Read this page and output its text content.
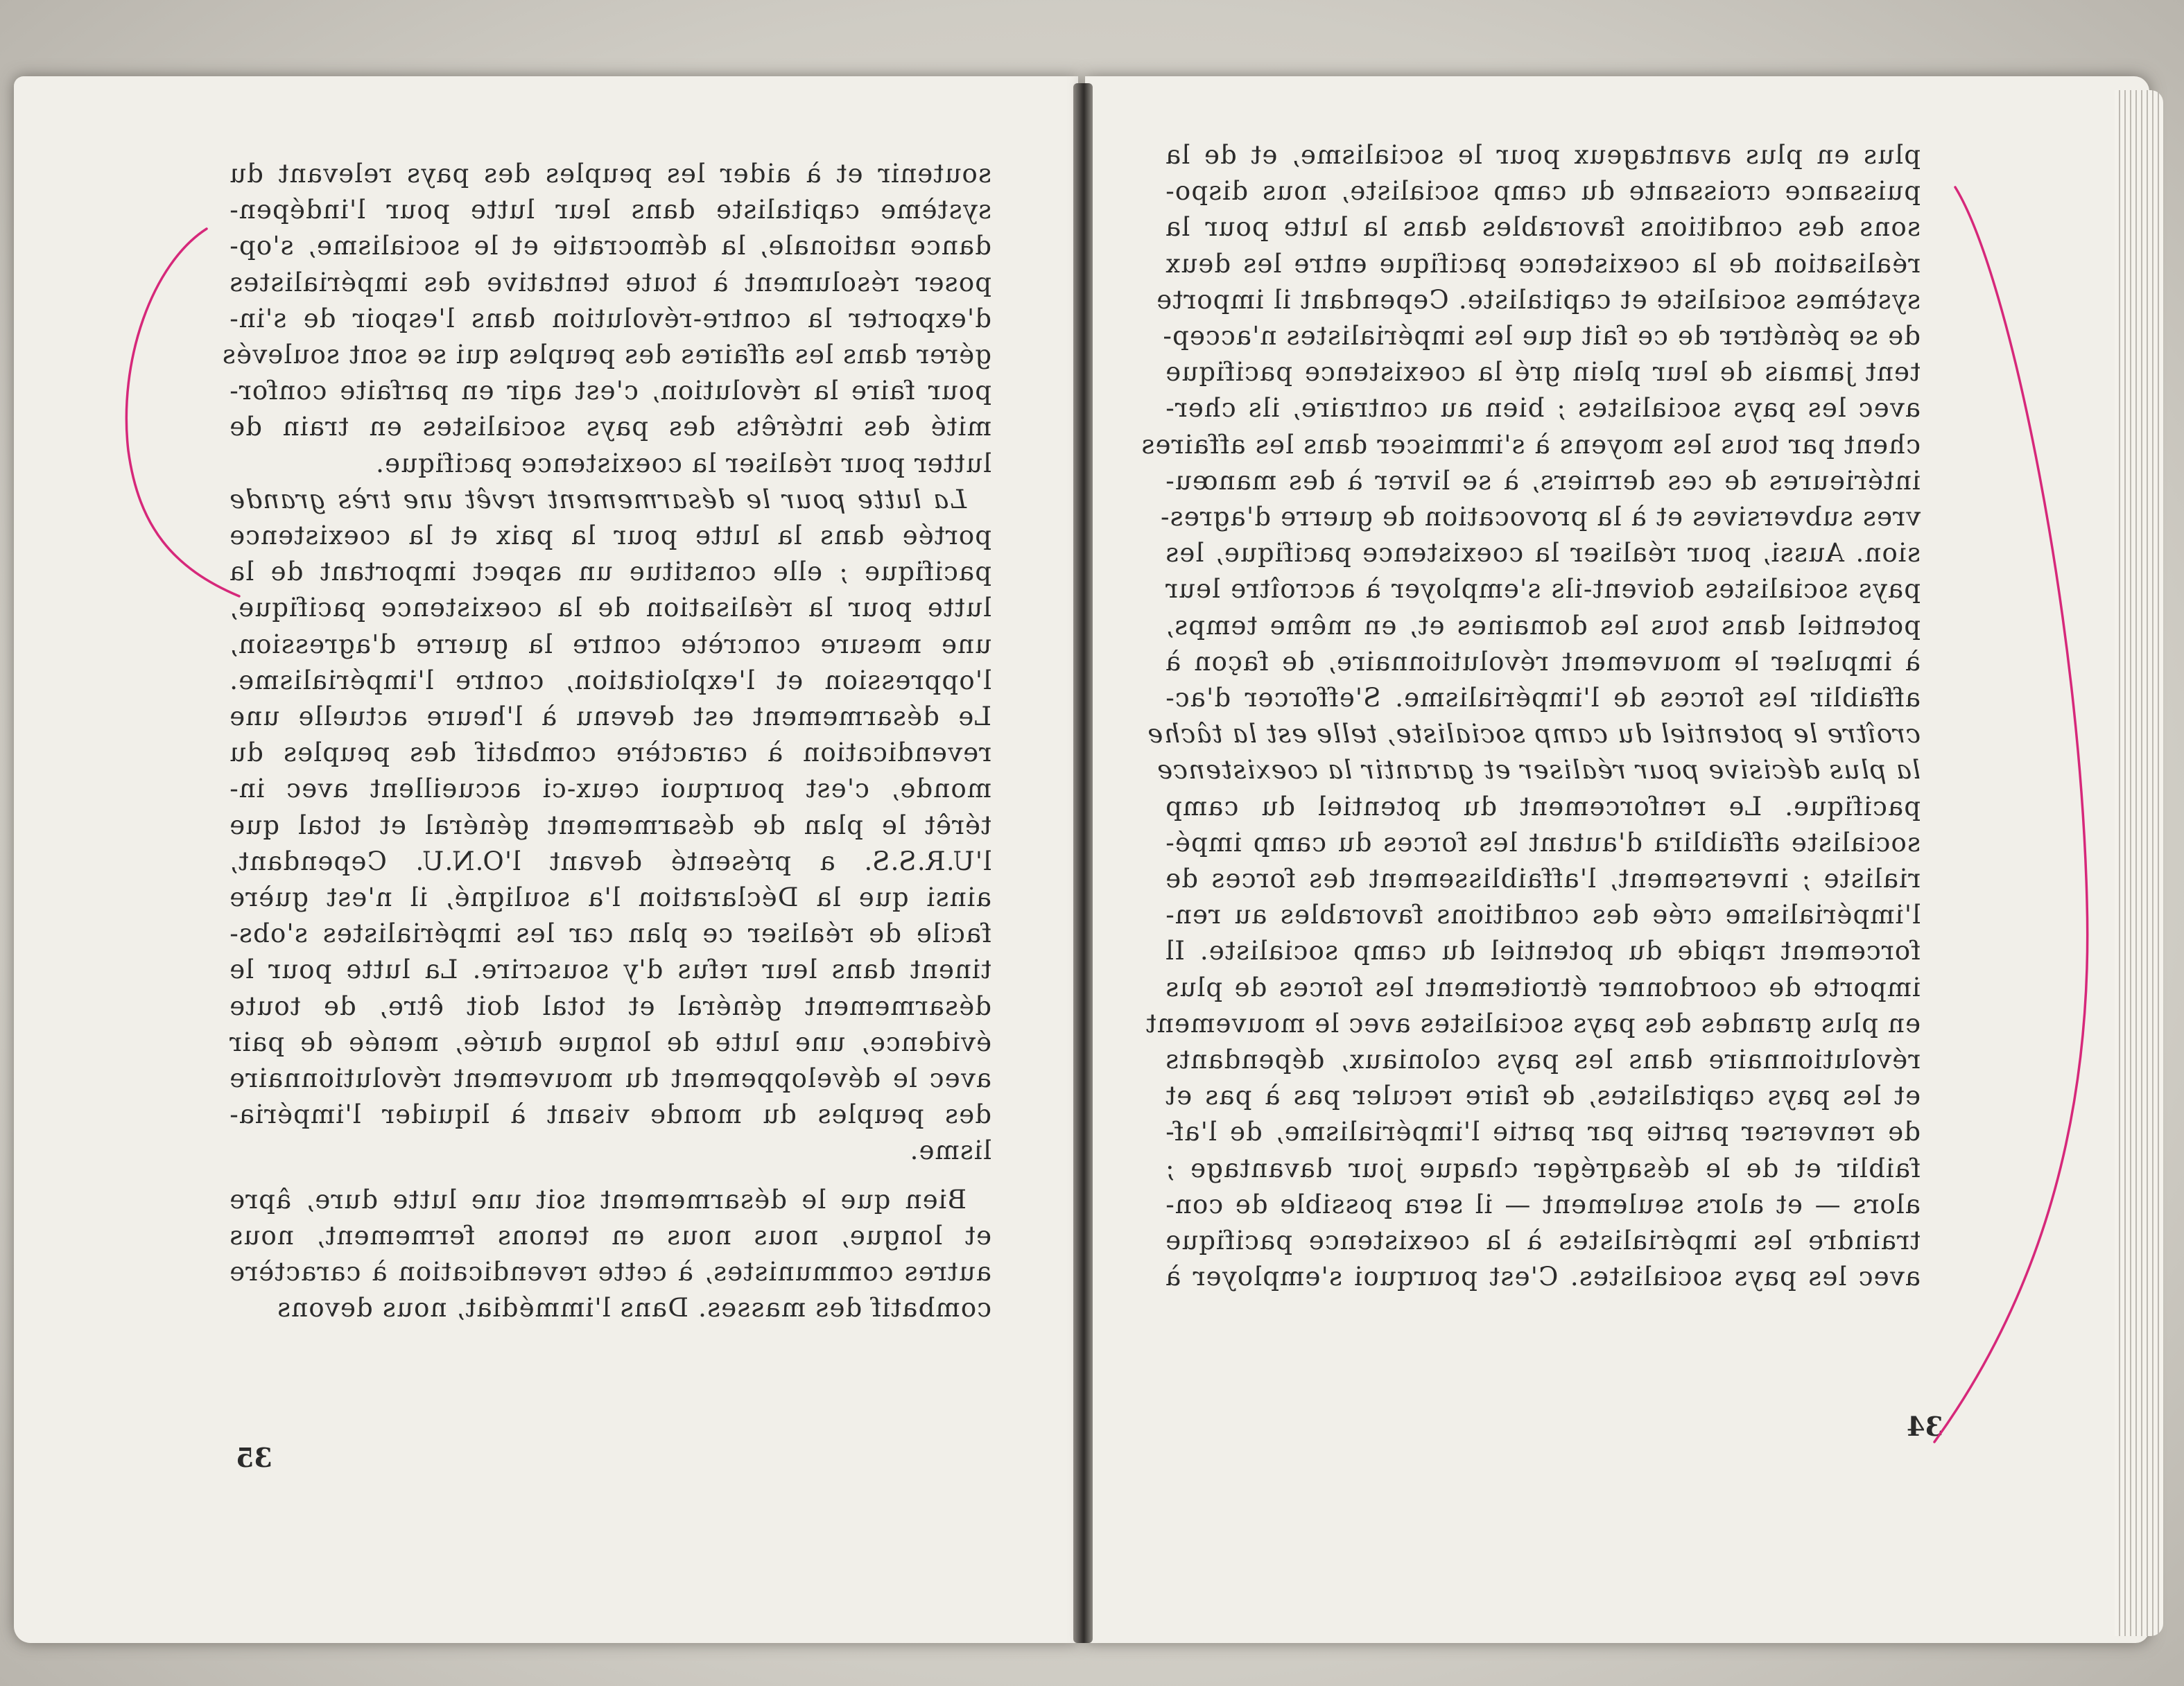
soutenir et à aider les peuples des pays relevant du
système capitaliste dans leur lutte pour l'indépen-
dance nationale, la démocratie et le socialisme, s'op-
poser résolument à toute tentative des impérialistes
d'exporter la contre-révolution dans l'espoir de s'in-
gérer dans les affaires des peuples qui se sont soulevés
pour faire la révolution, c'est agir en parfaite confor-
mité des intérêts des pays socialistes en train de
lutter pour réaliser la coexistence pacifique.
La lutte pour le désarmement revêt une très grande
portée dans la lutte pour la paix et la coexistence
pacifique ; elle constitue un aspect important de la
lutte pour la réalisation de la coexistence pacifique,
une mesure concrète contre la guerre d'agression,
l'oppression et l'exploitation, contre l'impérialisme.
Le désarmement est devenu à l'heure actuelle une
revendication à caractère combatif des peuples du
monde, c'est pourquoi ceux-ci accueillent avec in-
térêt le plan de désarmement général et total que
l'U.R.S.S. a présenté devant l'O.N.U. Cependant,
ainsi que la Déclaration l'a souligné, il n'est guère
facile de réaliser ce plan car les impérialistes s'obs-
tinent dans leur refus d'y souscrire. La lutte pour le
désarmement général et total doit être, de toute
évidence, une lutte de longue durée, menée de pair
avec le développement du mouvement révolutionnaire
des peuples du monde visant à liquider l'impéria-
lisme.
Bien que le désarmement soit une lutte dure, âpre
et longue, nous nous en tenons fermement, nous
autres communistes, à cette revendication à caractère
combatif des masses. Dans l'immédiat, nous devons
plus en plus avantageux pour le socialisme, et de la
puissance croissante du camp socialiste, nous dispo-
sons des conditions favorables dans la lutte pour la
réalisation de la coexistence pacifique entre les deux
systèmes socialiste et capitaliste. Cependant il importe
de se pénétrer de ce fait que les impérialistes n'accep-
tent jamais de leur plein gré la coexistence pacifique
avec les pays socialistes ; bien au contraire, ils cher-
chent par tous les moyens à s'immiscer dans les affaires
intérieures de ces derniers, à se livrer à des manœu-
vres subversives et à la provocation de guerre d'agres-
sion. Aussi, pour réaliser la coexistence pacifique, les
pays socialistes doivent-ils s'employer à accroître leur
potentiel dans tous les domaines et, en même temps,
à impulser le mouvement révolutionnaire, de façon à
affaiblir les forces de l'impérialisme. S'efforcer d'ac-
croître le potentiel du camp socialiste, telle est la tâche
la plus décisive pour réaliser et garantir la coexistence
pacifique. Le renforcement du potentiel du camp
socialiste affaiblira d'autant les forces du camp impé-
rialiste ; inversement, l'affaiblissement des forces de
l'impérialisme crée des conditions favorables au ren-
forcement rapide du potentiel du camp socialiste. Il
importe de coordonner étroitement les forces de plus
en plus grandes des pays socialistes avec le mouvement
révolutionnaire dans les pays coloniaux, dépendants
et les pays capitalistes, de faire reculer pas à pas et
de renverser partie par partie l'impérialisme, de l'af-
faiblir et de le désagréger chaque jour davantage ;
alors — et alors seulement — il sera possible de con-
traindre les impérialistes à la coexistence pacifique
avec les pays socialistes. C'est pourquoi s'employer à
35
34
